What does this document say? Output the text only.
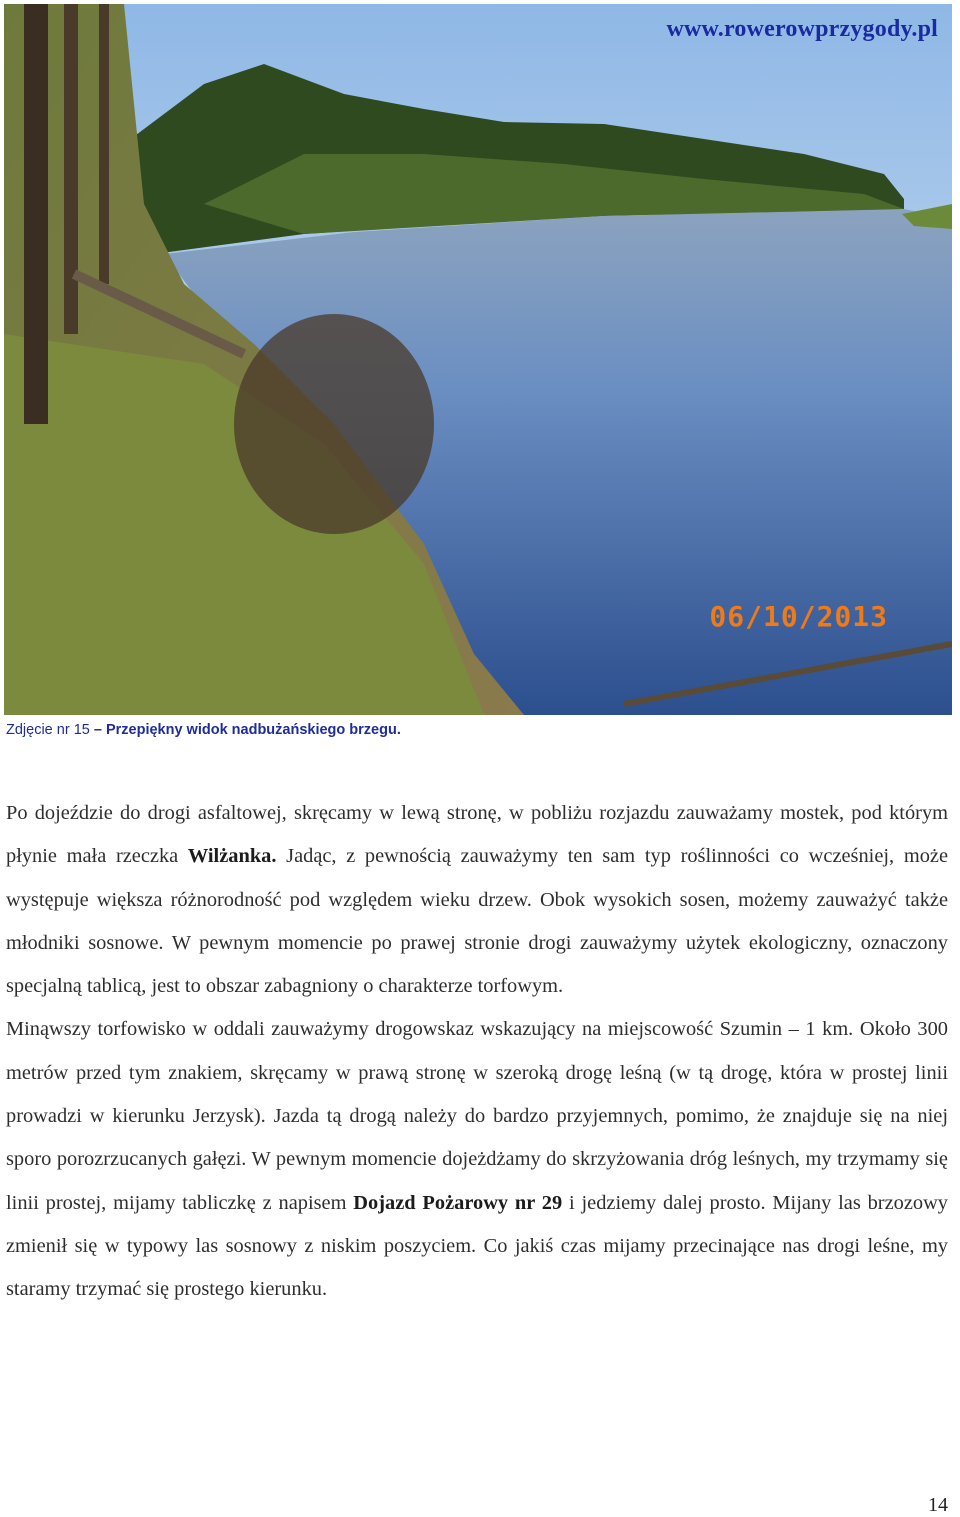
www.rowerowprzygody.pl
06/10/2013
Zdjęcie nr 15 – Przepiękny widok nadbużańskiego brzegu.

Po dojeździe do drogi asfaltowej, skręcamy w lewą stronę, w pobliżu rozjazdu zauważamy mostek, pod którym płynie mała rzeczka Wilżanka. Jadąc, z pewnością zauważymy ten sam typ roślinności co wcześniej, może występuje większa różnorodność pod względem wieku drzew. Obok wysokich sosen, możemy zauważyć także młodniki sosnowe. W pewnym momencie po prawej stronie drogi zauważymy użytek ekologiczny, oznaczony specjalną tablicą, jest to obszar zabagniony o charakterze torfowym.

Minąwszy torfowisko w oddali zauważymy drogowskaz wskazujący na miejscowość Szumin – 1 km. Około 300 metrów przed tym znakiem, skręcamy w prawą stronę w szeroką drogę leśną (w tą drogę, która w prostej linii prowadzi w kierunku Jerzysk). Jazda tą drogą należy do bardzo przyjemnych, pomimo, że znajduje się na niej sporo porozrzucanych gałęzi. W pewnym momencie dojeżdżamy do skrzyżowania dróg leśnych, my trzymamy się linii prostej, mijamy tabliczkę z napisem Dojazd Pożarowy nr 29 i jedziemy dalej prosto. Mijany las brzozowy zmienił się w typowy las sosnowy z niskim poszyciem. Co jakiś czas mijamy przecinające nas drogi leśne, my staramy trzymać się prostego kierunku.

14
